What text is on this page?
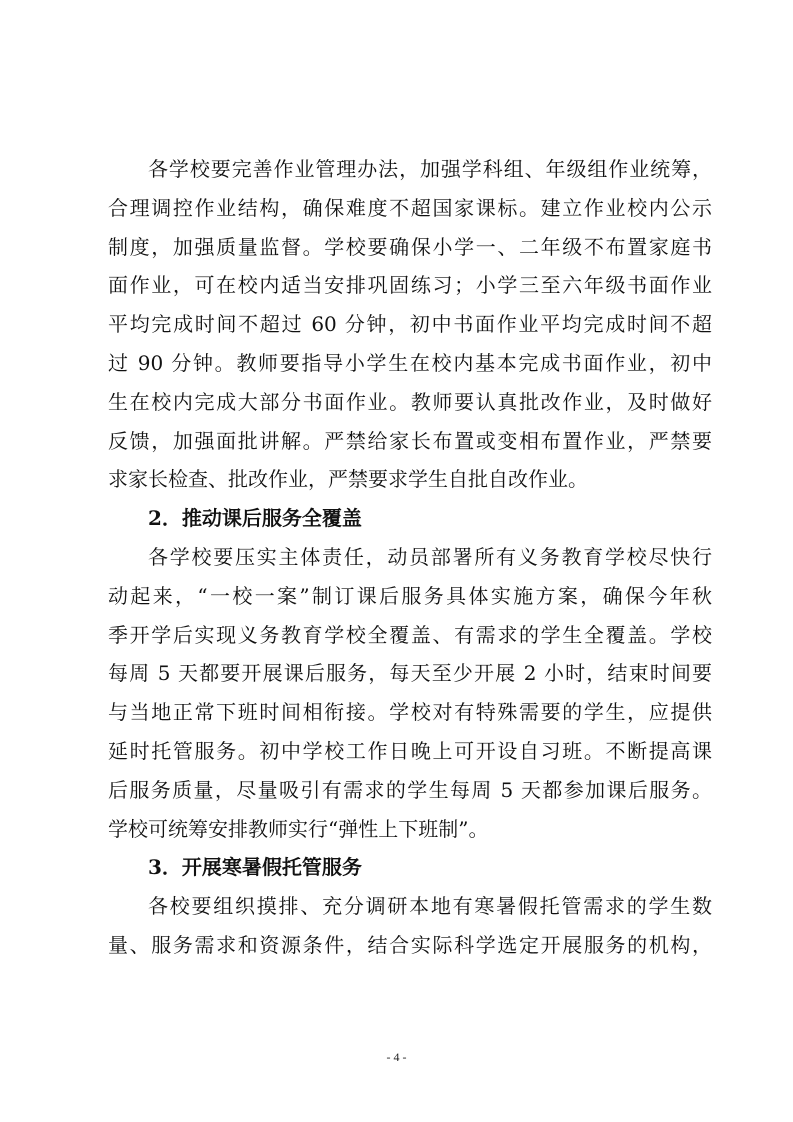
各学校要完善作业管理办法，加强学科组、年级组作业统筹，
合理调控作业结构，确保难度不超国家课标。建立作业校内公示
制度，加强质量监督。学校要确保小学一、二年级不布置家庭书
面作业，可在校内适当安排巩固练习；小学三至六年级书面作业
平均完成时间不超过 60 分钟，初中书面作业平均完成时间不超
过 90 分钟。教师要指导小学生在校内基本完成书面作业，初中
生在校内完成大部分书面作业。教师要认真批改作业，及时做好
反馈，加强面批讲解。严禁给家长布置或变相布置作业，严禁要
求家长检查、批改作业，严禁要求学生自批自改作业。
2．推动课后服务全覆盖
各学校要压实主体责任，动员部署所有义务教育学校尽快行
动起来，“一校一案”制订课后服务具体实施方案，确保今年秋
季开学后实现义务教育学校全覆盖、有需求的学生全覆盖。学校
每周 5 天都要开展课后服务，每天至少开展 2 小时，结束时间要
与当地正常下班时间相衔接。学校对有特殊需要的学生，应提供
延时托管服务。初中学校工作日晚上可开设自习班。不断提高课
后服务质量，尽量吸引有需求的学生每周 5 天都参加课后服务。
学校可统筹安排教师实行“弹性上下班制”。
3．开展寒暑假托管服务
各校要组织摸排、充分调研本地有寒暑假托管需求的学生数
量、服务需求和资源条件，结合实际科学选定开展服务的机构，
- 4 -
